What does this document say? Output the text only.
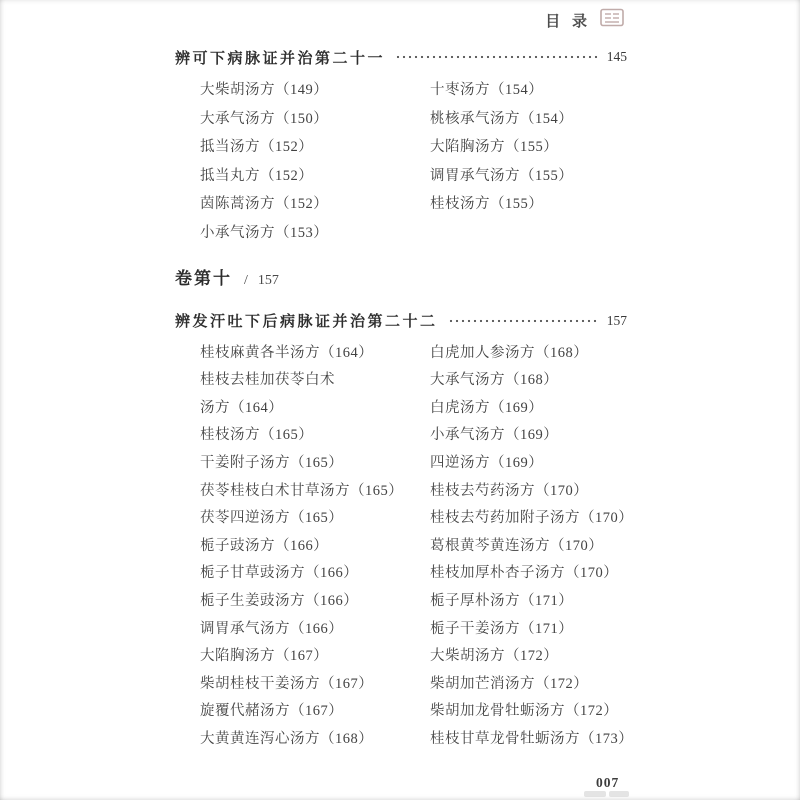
目 录
辨可下病脉证并治第二十一	145
大柴胡汤方（149）
大承气汤方（150）
抵当汤方（152）
抵当丸方（152）
茵陈蒿汤方（152）
小承气汤方（153）
十枣汤方（154）
桃核承气汤方（154）
大陷胸汤方（155）
调胃承气汤方（155）
桂枝汤方（155）
卷第十 / 157
辨发汗吐下后病脉证并治第二十二	157
桂枝麻黄各半汤方（164）
桂枝去桂加茯苓白术
汤方（164）
桂枝汤方（165）
干姜附子汤方（165）
茯苓桂枝白术甘草汤方（165）
茯苓四逆汤方（165）
栀子豉汤方（166）
栀子甘草豉汤方（166）
栀子生姜豉汤方（166）
调胃承气汤方（166）
大陷胸汤方（167）
柴胡桂枝干姜汤方（167）
旋覆代赭汤方（167）
大黄黄连泻心汤方（168）
白虎加人参汤方（168）
大承气汤方（168）
白虎汤方（169）
小承气汤方（169）
四逆汤方（169）
桂枝去芍药汤方（170）
桂枝去芍药加附子汤方（170）
葛根黄芩黄连汤方（170）
桂枝加厚朴杏子汤方（170）
栀子厚朴汤方（171）
栀子干姜汤方（171）
大柴胡汤方（172）
柴胡加芒消汤方（172）
柴胡加龙骨牡蛎汤方（172）
桂枝甘草龙骨牡蛎汤方（173）
007
